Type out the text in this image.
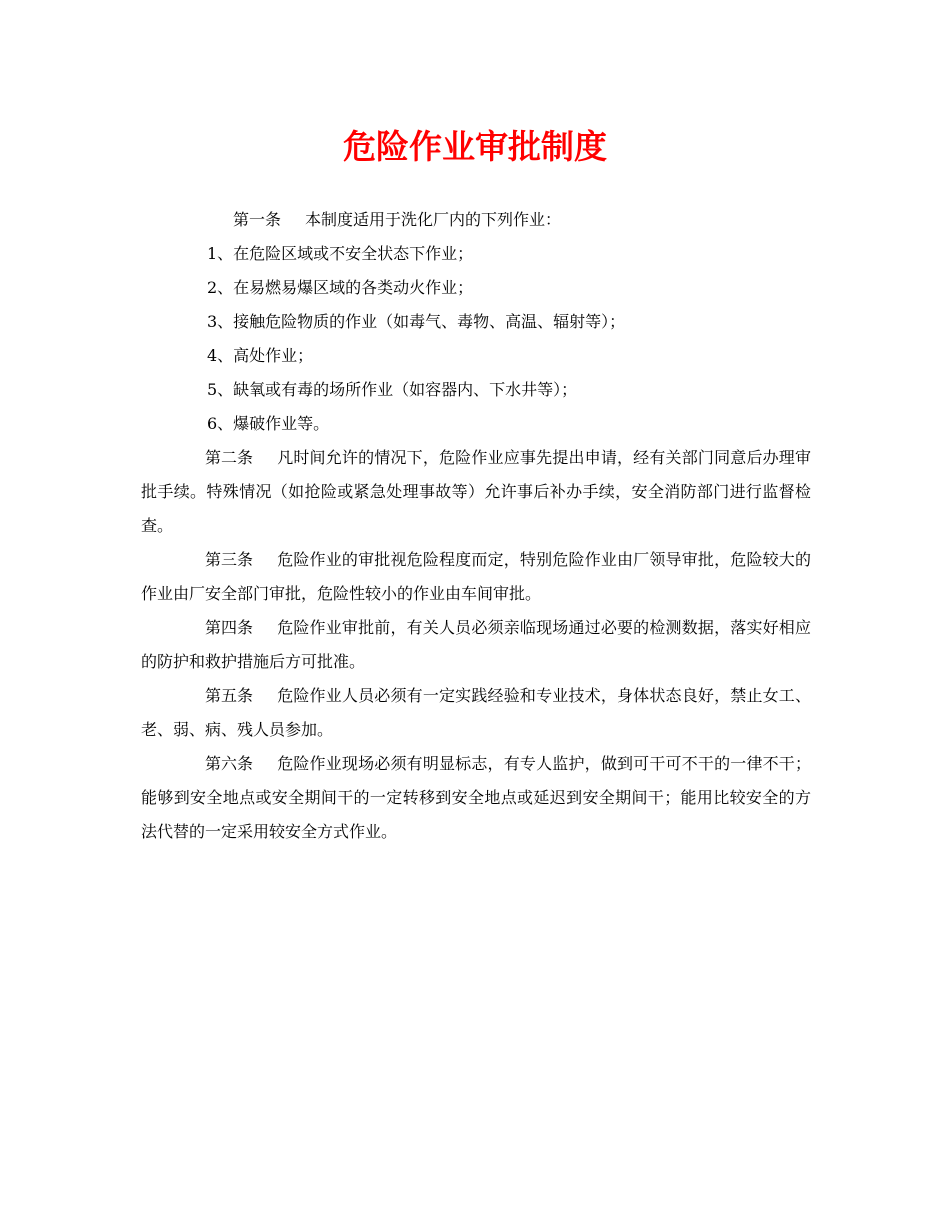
危险作业审批制度
第一条 本制度适用于洗化厂内的下列作业：
1、在危险区域或不安全状态下作业；
2、在易燃易爆区域的各类动火作业；
3、接触危险物质的作业（如毒气、毒物、高温、辐射等）；
4、高处作业；
5、缺氧或有毒的场所作业（如容器内、下水井等）；
6、爆破作业等。

第二条 凡时间允许的情况下，危险作业应事先提出申请，经有关部门同意后办理审批手续。特殊情况（如抢险或紧急处理事故等）允许事后补办手续，安全消防部门进行监督检查。

第三条 危险作业的审批视危险程度而定，特别危险作业由厂领导审批，危险较大的作业由厂安全部门审批，危险性较小的作业由车间审批。

第四条 危险作业审批前，有关人员必须亲临现场通过必要的检测数据，落实好相应的防护和救护措施后方可批准。

第五条 危险作业人员必须有一定实践经验和专业技术，身体状态良好，禁止女工、老、弱、病、残人员参加。

第六条 危险作业现场必须有明显标志，有专人监护，做到可干可不干的一律不干；能够到安全地点或安全期间干的一定转移到安全地点或延迟到安全期间干；能用比较安全的方法代替的一定采用较安全方式作业。
